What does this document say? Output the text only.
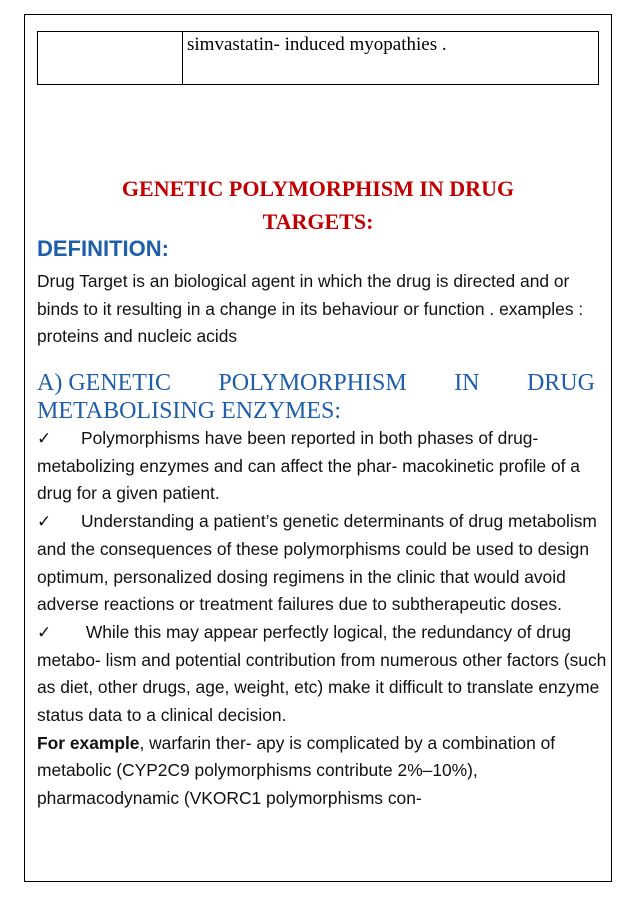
simvastatin- induced myopathies .
GENETIC POLYMORPHISM IN DRUG
TARGETS:
DEFINITION:
Drug Target is an biological agent in which the drug is directed and or binds to it resulting in a change in its behaviour or function . examples : proteins and nucleic acids
A) GENETIC POLYMORPHISM IN DRUG
METABOLISING ENZYMES:

✓ Polymorphisms have been reported in both phases of drug-metabolizing enzymes and can affect the phar- macokinetic profile of a drug for a given patient.

✓ Understanding a patient’s genetic determinants of drug metabolism and the consequences of these polymorphisms could be used to design optimum, personalized dosing regimens in the clinic that would avoid adverse reactions or treatment failures due to subtherapeutic doses.

✓ While this may appear perfectly logical, the redundancy of drug metabo- lism and potential contribution from numerous other factors (such as diet, other drugs, age, weight, etc) make it difficult to translate enzyme status data to a clinical decision.

For example, warfarin ther- apy is complicated by a combination of metabolic (CYP2C9 polymorphisms contribute 2%–10%), pharmacodynamic (VKORC1 polymorphisms con-
